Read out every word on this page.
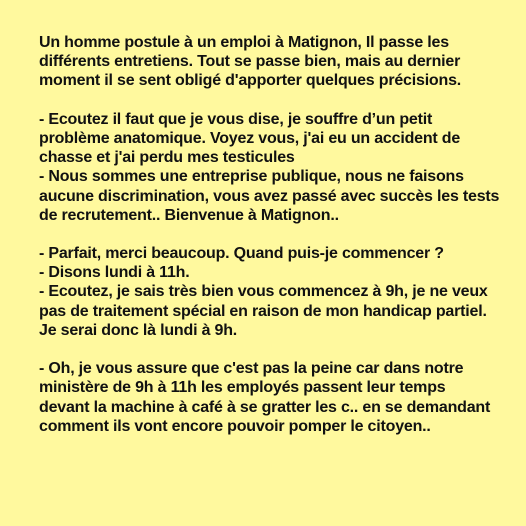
Un homme postule à un emploi à Matignon, Il passe les
différents entretiens. Tout se passe bien, mais au dernier
moment il se sent obligé d'apporter quelques précisions.

- Ecoutez il faut que je vous dise, je souffre d’un petit
problème anatomique. Voyez vous, j'ai eu un accident de
chasse et j'ai perdu mes testicules
- Nous sommes une entreprise publique, nous ne faisons
aucune discrimination, vous avez passé avec succès les tests
de recrutement.. Bienvenue à Matignon..

- Parfait, merci beaucoup. Quand puis-je commencer ?
- Disons lundi à 11h.
- Ecoutez, je sais très bien vous commencez à 9h, je ne veux
pas de traitement spécial en raison de mon handicap partiel.
Je serai donc là lundi à 9h.

- Oh, je vous assure que c'est pas la peine car dans notre
ministère de 9h à 11h les employés passent leur temps
devant la machine à café à se gratter les c.. en se demandant
comment ils vont encore pouvoir pomper le citoyen..
